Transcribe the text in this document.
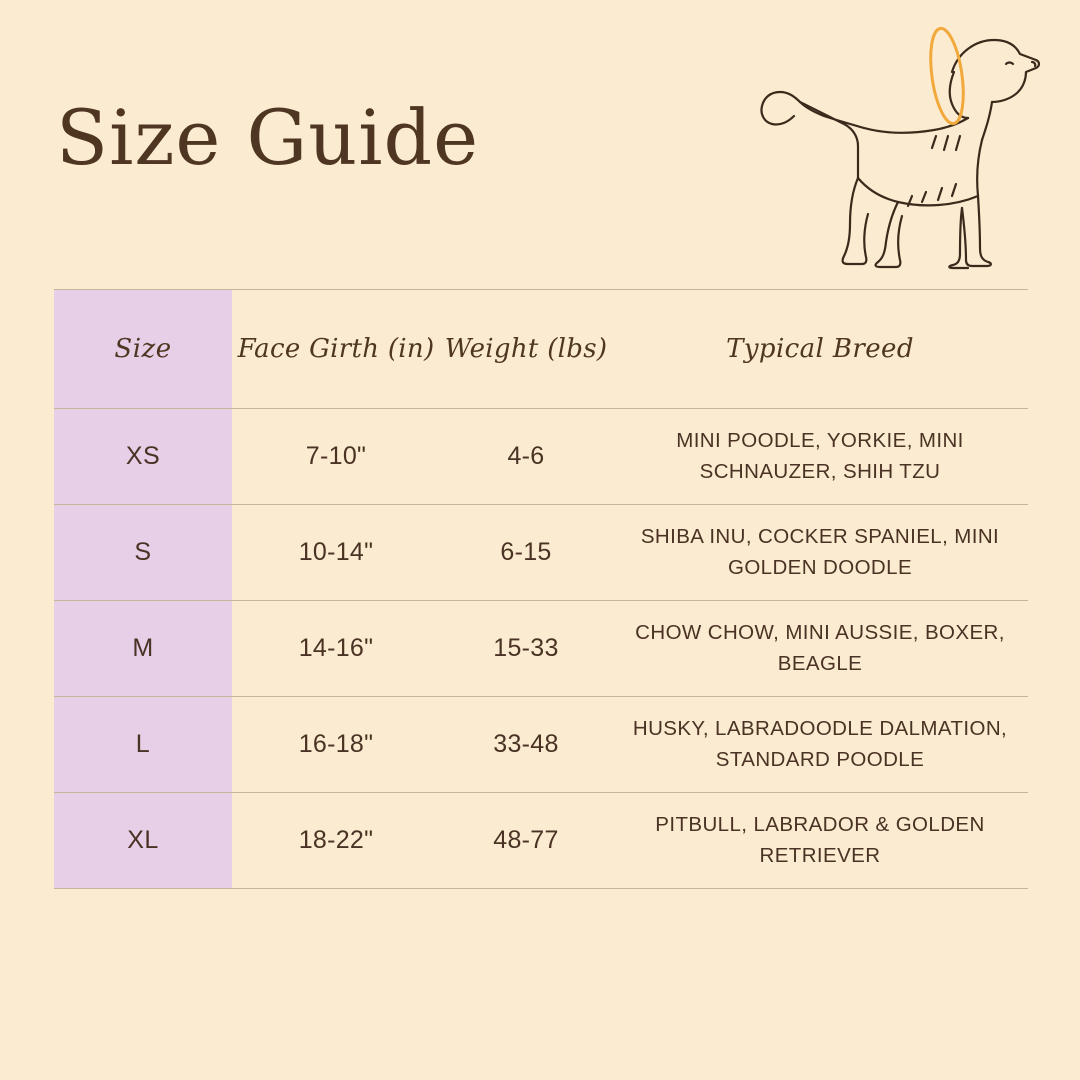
Size Guide
Size	Face Girth (in)	Weight (lbs)	Typical Breed
XS	7-10"	4-6	MINI POODLE, YORKIE, MINI SCHNAUZER, SHIH TZU
S	10-14"	6-15	SHIBA INU, COCKER SPANIEL, MINI GOLDEN DOODLE
M	14-16"	15-33	CHOW CHOW, MINI AUSSIE, BOXER, BEAGLE
L	16-18"	33-48	HUSKY, LABRADOODLE DALMATION, STANDARD POODLE
XL	18-22"	48-77	PITBULL, LABRADOR & GOLDEN RETRIEVER
